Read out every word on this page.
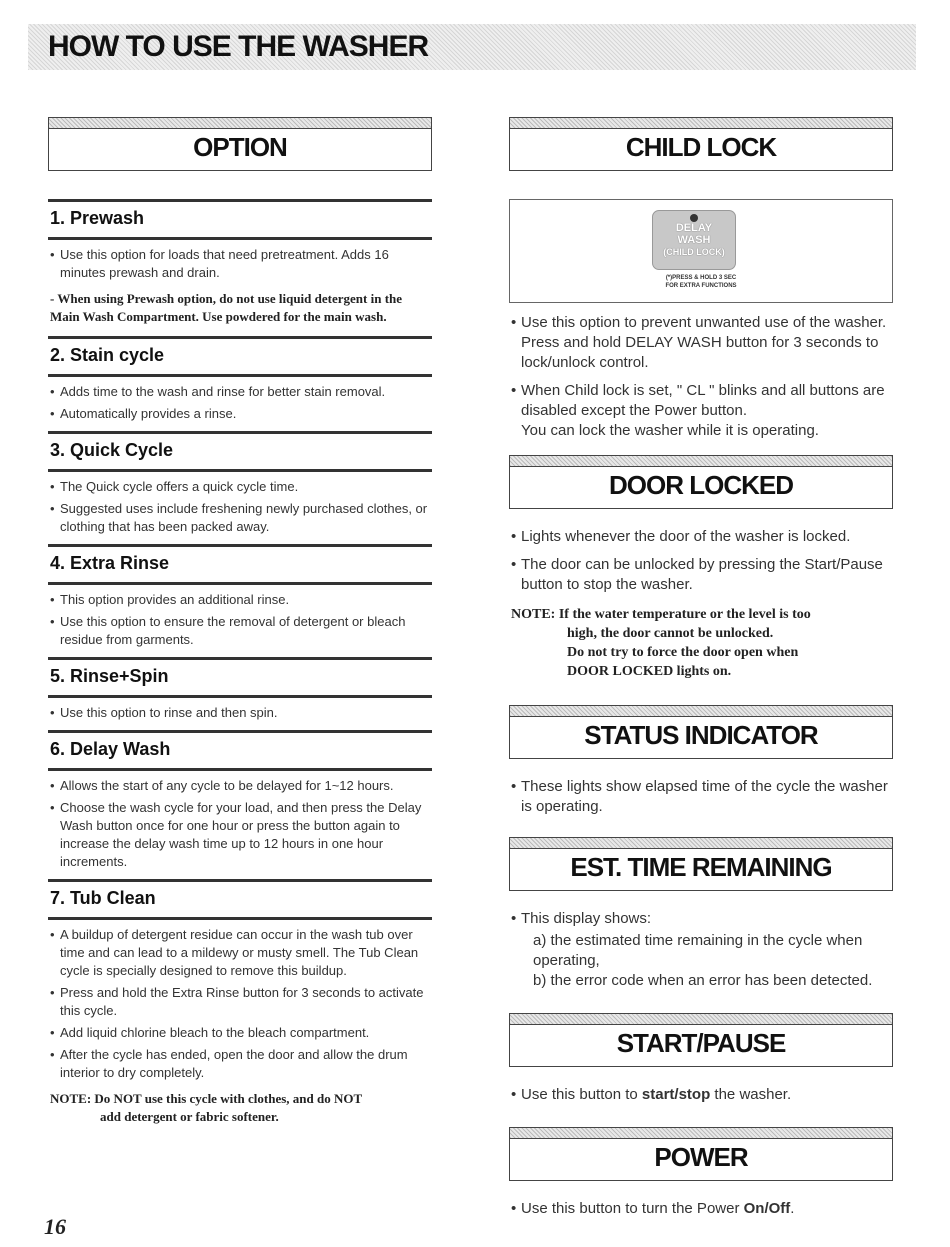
HOW TO USE THE WASHER
OPTION
1. Prewash
• Use this option for loads that need pretreatment. Adds 16 minutes prewash and drain.
- When using Prewash option, do not use liquid detergent in the Main Wash Compartment. Use powdered for the main wash.
2. Stain cycle
• Adds time to the wash and rinse for better stain removal.
• Automatically provides a rinse.
3. Quick Cycle
• The Quick cycle offers a quick cycle time.
• Suggested uses include freshening newly purchased clothes, or clothing that has been packed away.
4. Extra Rinse
• This option provides an additional rinse.
• Use this option to ensure the removal of detergent or bleach residue from garments.
5. Rinse+Spin
• Use this option to rinse and then spin.
6. Delay Wash
• Allows the start of any cycle to be delayed for 1~12 hours.
• Choose the wash cycle for your load, and then press the Delay Wash button once for one hour or press the button again to increase the delay wash time up to 12 hours in one hour increments.
7. Tub Clean
• A buildup of detergent residue can occur in the wash tub over time and can lead to a mildewy or musty smell. The Tub Clean cycle is specially designed to remove this buildup.
• Press and hold the Extra Rinse button for 3 seconds to activate this cycle.
• Add liquid chlorine bleach to the bleach compartment.
• After the cycle has ended, open the door and allow the drum interior to dry completely.
NOTE: Do NOT use this cycle with clothes, and do NOT
add detergent or fabric softener.
16
CHILD LOCK
DELAY
WASH
(CHILD LOCK)
(*)PRESS & HOLD 3 SEC
FOR EXTRA FUNCTIONS
• Use this option to prevent unwanted use of the washer. Press and hold DELAY WASH button for 3 seconds to lock/unlock control.
• When Child lock is set, " CL " blinks and all buttons are disabled except the Power button.
You can lock the washer while it is operating.
DOOR LOCKED
• Lights whenever the door of the washer is locked.
• The door can be unlocked by pressing the Start/Pause button to stop the washer.
NOTE: If the water temperature or the level is too
high, the door cannot be unlocked.
Do not try to force the door open when
DOOR LOCKED lights on.
STATUS INDICATOR
• These lights show elapsed time of the cycle the washer is operating.
EST. TIME REMAINING
• This display shows:
a) the estimated time remaining in the cycle when operating,
b) the error code when an error has been detected.
START/PAUSE
• Use this button to start/stop the washer.
POWER
• Use this button to turn the Power On/Off.
